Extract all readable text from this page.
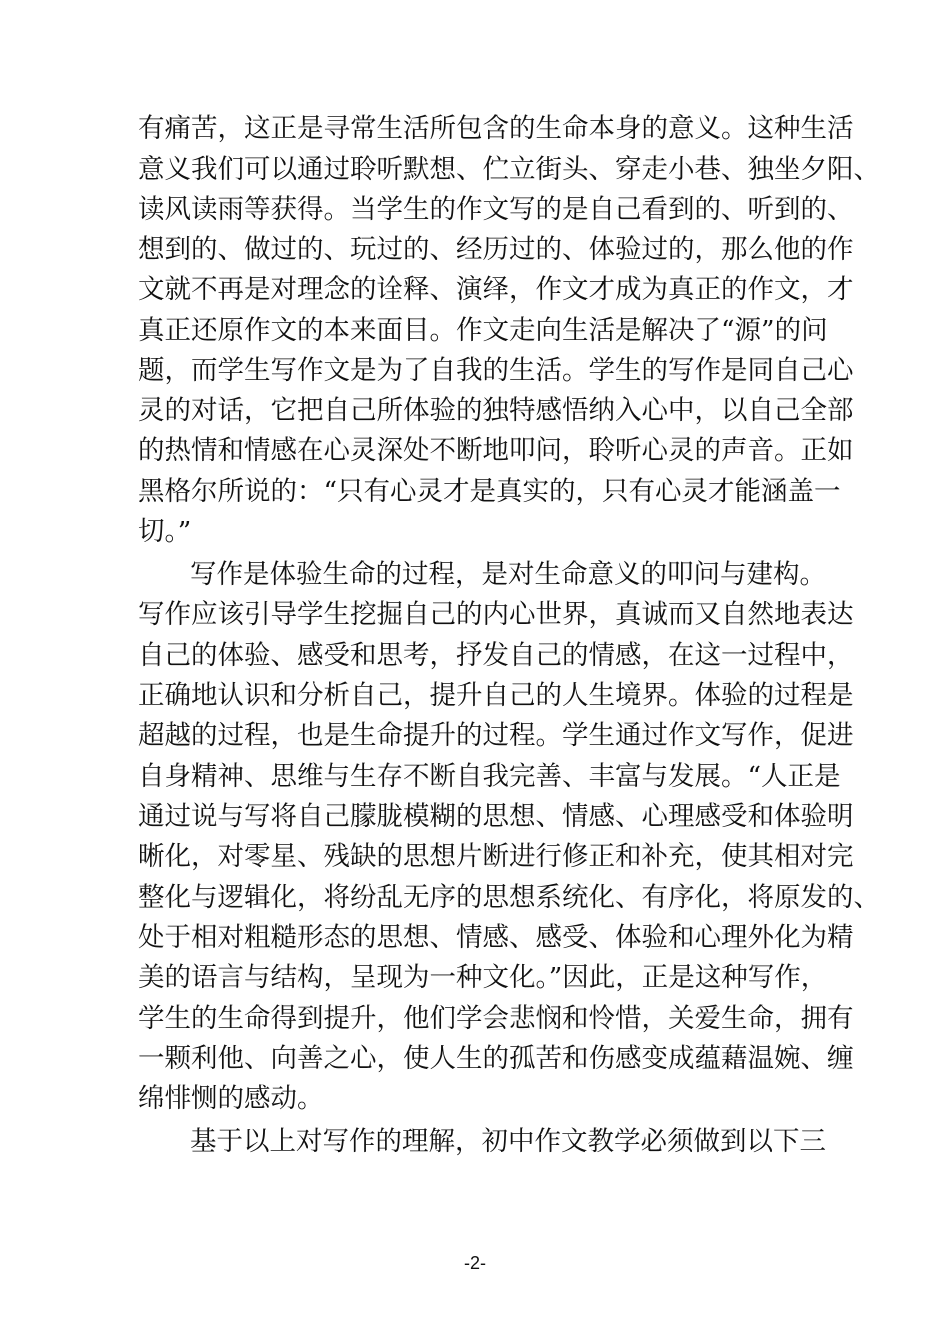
有痛苦，这正是寻常生活所包含的生命本身的意义。这种生活
意义我们可以通过聆听默想、伫立街头、穿走小巷、独坐夕阳、
读风读雨等获得。当学生的作文写的是自己看到的、听到的、
想到的、做过的、玩过的、经历过的、体验过的，那么他的作
文就不再是对理念的诠释、演绎，作文才成为真正的作文，才
真正还原作文的本来面目。作文走向生活是解决了“源”的问
题，而学生写作文是为了自我的生活。学生的写作是同自己心
灵的对话，它把自己所体验的独特感悟纳入心中，以自己全部
的热情和情感在心灵深处不断地叩问，聆听心灵的声音。正如
黑格尔所说的：“只有心灵才是真实的，只有心灵才能涵盖一
切。”
写作是体验生命的过程，是对生命意义的叩问与建构。
写作应该引导学生挖掘自己的内心世界，真诚而又自然地表达
自己的体验、感受和思考，抒发自己的情感，在这一过程中，
正确地认识和分析自己，提升自己的人生境界。体验的过程是
超越的过程，也是生命提升的过程。学生通过作文写作，促进
自身精神、思维与生存不断自我完善、丰富与发展。“人正是
通过说与写将自己朦胧模糊的思想、情感、心理感受和体验明
晰化，对零星、残缺的思想片断进行修正和补充，使其相对完
整化与逻辑化，将纷乱无序的思想系统化、有序化，将原发的、
处于相对粗糙形态的思想、情感、感受、体验和心理外化为精
美的语言与结构，呈现为一种文化。”因此，正是这种写作，
学生的生命得到提升，他们学会悲悯和怜惜，关爱生命，拥有
一颗利他、向善之心，使人生的孤苦和伤感变成蕴藉温婉、缠
绵悱恻的感动。
基于以上对写作的理解，初中作文教学必须做到以下三
-2-
